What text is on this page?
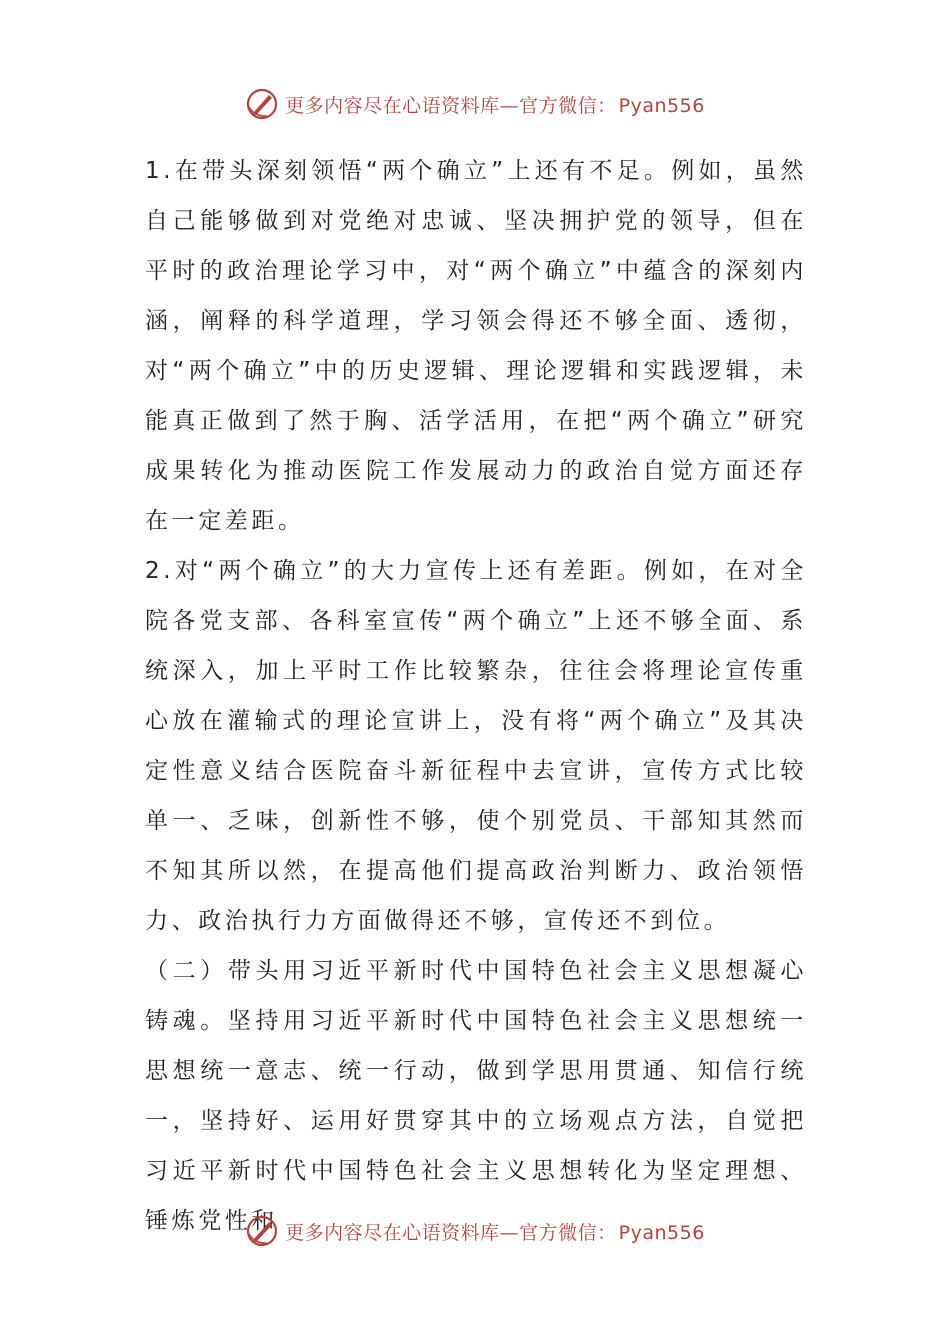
更多内容尽在心语资料库—官方微信： Pyan556

1.在带头深刻领悟“两个确立”上还有不足。例如，虽然自己能够做到对党绝对忠诚、坚决拥护党的领导，但在平时的政治理论学习中，对“两个确立”中蕴含的深刻内涵，阐释的科学道理，学习领会得还不够全面、透彻，对“两个确立”中的历史逻辑、理论逻辑和实践逻辑，未能真正做到了然于胸、活学活用，在把“两个确立”研究成果转化为推动医院工作发展动力的政治自觉方面还存在一定差距。

2.对“两个确立”的大力宣传上还有差距。例如，在对全院各党支部、各科室宣传“两个确立”上还不够全面、系统深入，加上平时工作比较繁杂，往往会将理论宣传重心放在灌输式的理论宣讲上，没有将“两个确立”及其决定性意义结合医院奋斗新征程中去宣讲，宣传方式比较单一、乏味，创新性不够，使个别党员、干部知其然而不知其所以然，在提高他们提高政治判断力、政治领悟力、政治执行力方面做得还不够，宣传还不到位。

（二）带头用习近平新时代中国特色社会主义思想凝心铸魂。坚持用习近平新时代中国特色社会主义思想统一思想统一意志、统一行动，做到学思用贯通、知信行统一，坚持好、运用好贯穿其中的立场观点方法，自觉把习近平新时代中国特色社会主义思想转化为坚定理想、锤炼党性和 更多内容尽在心语资料库—官方微信： Pyan556
